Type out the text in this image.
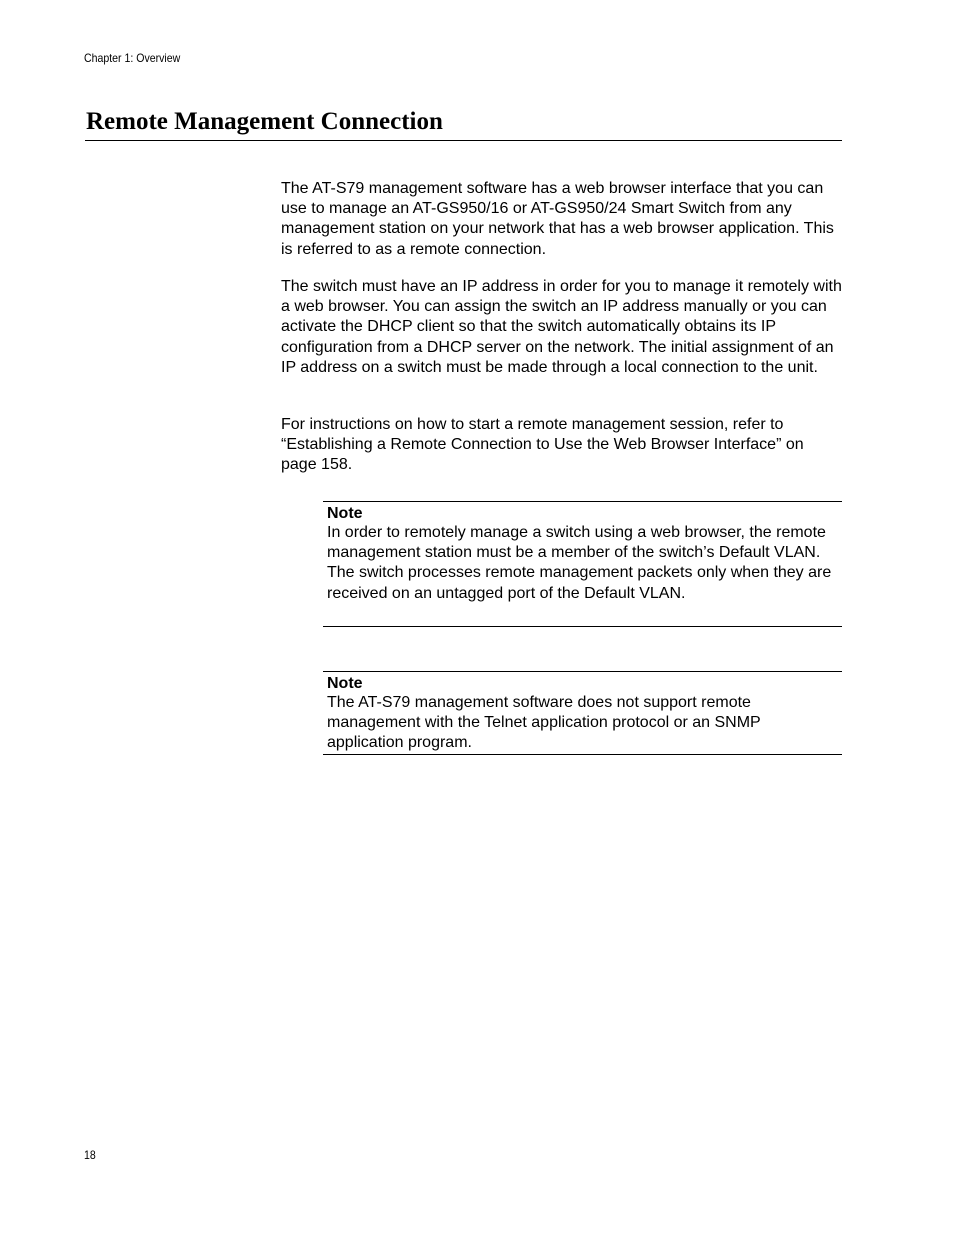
Chapter 1: Overview
Remote Management Connection

The AT-S79 management software has a web browser interface that you can use to manage an AT-GS950/16 or AT-GS950/24 Smart Switch from any management station on your network that has a web browser application. This is referred to as a remote connection.

The switch must have an IP address in order for you to manage it remotely with a web browser. You can assign the switch an IP address manually or you can activate the DHCP client so that the switch automatically obtains its IP configuration from a DHCP server on the network. The initial assignment of an IP address on a switch must be made through a local connection to the unit.

For instructions on how to start a remote management session, refer to “Establishing a Remote Connection to Use the Web Browser Interface” on page 158.

Note

In order to remotely manage a switch using a web browser, the remote management station must be a member of the switch’s Default VLAN. The switch processes remote management packets only when they are received on an untagged port of the Default VLAN.

Note

The AT-S79 management software does not support remote management with the Telnet application protocol or an SNMP application program.

18
